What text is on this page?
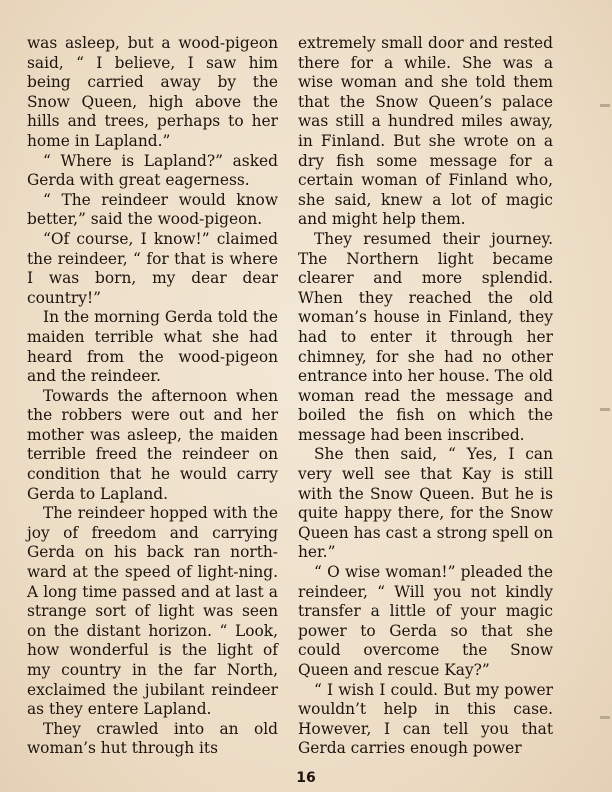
was asleep, but a wood-pigeon said, “ I believe, I saw him being carried away by the Snow Queen, high above the hills and trees, perhaps to her home in Lapland.”

“ Where is Lapland?” asked Gerda with great eagerness.

“ The reindeer would know better,” said the wood-pigeon.

“Of course, I know!” claimed the reindeer, “ for that is where I was born, my dear dear country!”

In the morning Gerda told the maiden terrible what she had heard from the wood-pigeon and the reindeer.

Towards the afternoon when the robbers were out and her mother was asleep, the maiden terrible freed the reindeer on condition that he would carry Gerda to Lapland.

The reindeer hopped with the joy of freedom and carrying Gerda on his back ran north-ward at the speed of light-ning. A long time passed and at last a strange sort of light was seen on the distant horizon. “ Look, how wonderful is the light of my country in the far North, exclaimed the jubilant reindeer as they entere Lapland.

They crawled into an old woman’s hut through its

extremely small door and rested there for a while. She was a wise woman and she told them that the Snow Queen’s palace was still a hundred miles away, in Finland. But she wrote on a dry fish some message for a certain woman of Finland who, she said, knew a lot of magic and might help them.

They resumed their journey. The Northern light became clearer and more splendid. When they reached the old woman’s house in Finland, they had to enter it through her chimney, for she had no other entrance into her house. The old woman read the message and boiled the fish on which the message had been inscribed.

She then said, “ Yes, I can very well see that Kay is still with the Snow Queen. But he is quite happy there, for the Snow Queen has cast a strong spell on her.”

“ O wise woman!” pleaded the reindeer, “ Will you not kindly transfer a little of your magic power to Gerda so that she could overcome the Snow Queen and rescue Kay?”

“ I wish I could. But my power wouldn’t help in this case. However, I can tell you that Gerda carries enough power

16
